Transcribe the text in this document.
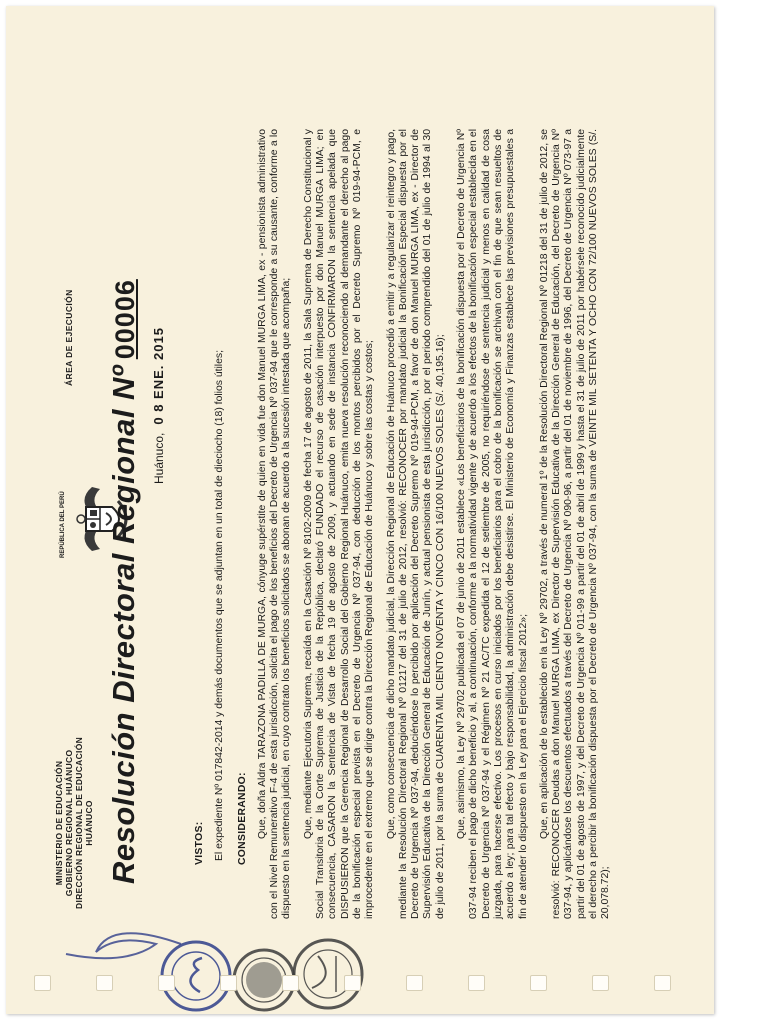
MINISTERIO DE EDUCACIÓN GOBIERNO REGIONAL HUÁNUCO DIRECCIÓN REGIONAL DE EDUCACIÓN HUÁNUCO
REPÚBLICA DEL PERÚ
ÁREA DE EJECUCIÓN
Resolución Directoral Regional Nº00006
Huánuco,0 8 ENE. 2015
VISTOS: El expediente Nº 017842-2014 y demás documentos que se adjuntan en un total de dieciocho (18) folios útiles; CONSIDERANDO: Que, doña Aldra TARAZONA PADILLA DE MURGA, cónyuge supérstite de quien en vida fue don Manuel MURGA LIMA, ex - pensionista administrativo con el Nivel Remunerativo F-4 de esta jurisdicción, solicita el pago de los beneficios del Decreto de Urgencia Nº 037-94 que le corresponde a su causante, conforme a lo dispuesto en la sentencia judicial, en cuyo contrato los beneficios solicitados se abonan de acuerdo a la sucesión intestada que acompaña; Que, mediante Ejecutoria Suprema, recaída en la Casación Nº 8102-2009 de fecha 17 de agosto de 2011, la Sala Suprema de Derecho Constitucional y Social Transitoria de la Corte Suprema de Justicia de la República, declaró FUNDADO el recurso de casación interpuesto por don Manuel MURGA LIMA; en consecuencia, CASARON la Sentencia de Vista de fecha 19 de agosto de 2009, y actuando en sede de instancia CONFIRMARON la sentencia apelada que DISPUSIERON que la Gerencia Regional de Desarrollo Social del Gobierno Regional Huánuco, emita nueva resolución reconociendo al demandante el derecho al pago de la bonificación especial prevista en el Decreto de Urgencia Nº 037-94, con deducción de los montos percibidos por el Decreto Supremo Nº 019-94-PCM, e improcedente en el extremo que se dirige contra la Dirección Regional de Educación de Huánuco y sobre las costas y costos; Que, como consecuencia de dicho mandato judicial, la Dirección Regional de Educación de Huánuco procedió a emitir y a regularizar el reintegro y pago, mediante la Resolución Directoral Regional Nº 01217 del 31 de julio de 2012, resolvió: RECONOCER por mandato judicial la Bonificación Especial dispuesta por el Decreto de Urgencia Nº 037-94, deduciéndose lo percibido por aplicación del Decreto Supremo Nº 019-94-PCM, a favor de don Manuel MURGA LIMA, ex - Director de Supervisión Educativa de la Dirección General de Educación de Junín, y actual pensionista de esta jurisdicción, por el periodo comprendido del 01 de julio de 1994 al 30 de julio de 2011, por la suma de CUARENTA MIL CIENTO NOVENTA Y CINCO CON 16/100 NUEVOS SOLES (S/. 40,195.16); Que, asimismo, la Ley Nº 29702 publicada el 07 de junio de 2011 establece «Los beneficiarios de la bonificación dispuesta por el Decreto de Urgencia Nº 037-94 reciben el pago de dicho beneficio y al, a continuación, conforme a la normatividad vigente y de acuerdo a los efectos de la bonificación especial establecida en el Decreto de Urgencia Nº 037-94 y el Régimen Nº 21 AC/TC expedida el 12 de setiembre de 2005, no requiriéndose de sentencia judicial y menos en calidad de cosa juzgada, para hacerse efectivo. Los procesos en curso iniciados por los beneficiarios para el cobro de la bonificación se archivan con el fin de que sean resueltos de acuerdo a ley; para tal efecto y bajo responsabilidad, la administración debe desistirse. El Ministerio de Economía y Finanzas establece las previsiones presupuestales a fin de atender lo dispuesto en la Ley para el Ejercicio fiscal 2012»; Que, en aplicación de lo establecido en la Ley Nº 29702, a través de numeral 1º de la Resolución Directoral Regional Nº 01218 del 31 de julio de 2012, se resolvió: RECONOCER Deudas a don Manuel MURGA LIMA, ex Director de Supervisión Educativa de la Dirección General de Educación, del Decreto de Urgencia Nº 037-94, y aplicándose los descuentos efectuados a través del Decreto de Urgencia Nº 090-96, a partir del 01 de noviembre de 1996, del Decreto de Urgencia Nº 073-97 a partir del 01 de agosto de 1997, y del Decreto de Urgencia Nº 011-99 a partir del 01 de abril de 1999 y hasta el 31 de julio de 2011 por habérsele reconocido judicialmente el derecho a percibir la bonificación dispuesta por el Decreto de Urgencia Nº 037-94, con la suma de VEINTE MIL SETENTA Y OCHO CON 72/100 NUEVOS SOLES (S/. 20,078.72);
